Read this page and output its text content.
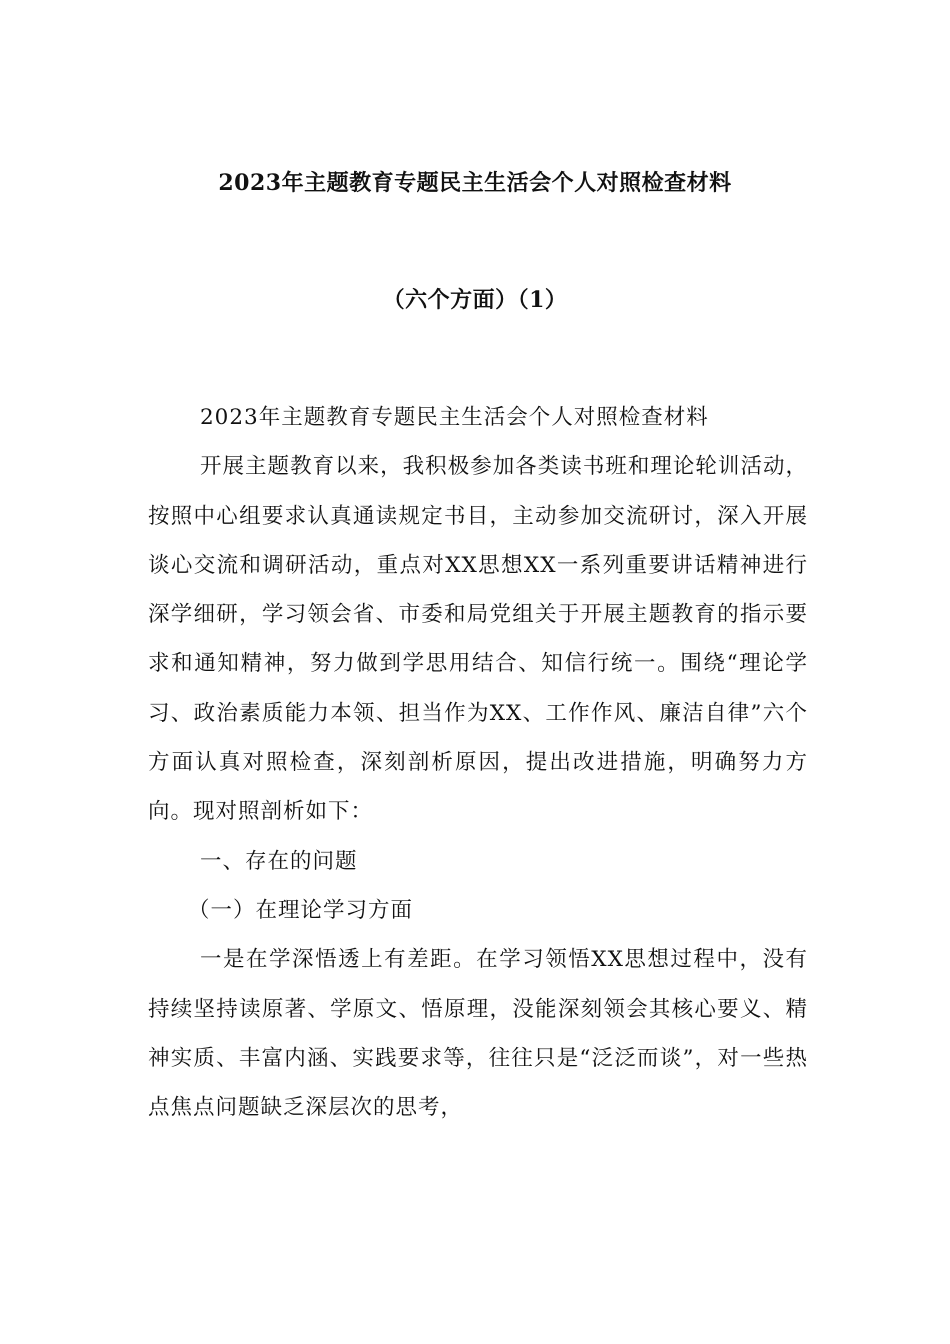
2023年主题教育专题民主生活会个人对照检查材料
（六个方面）（1）

2023年主题教育专题民主生活会个人对照检查材料

开展主题教育以来，我积极参加各类读书班和理论轮训活动，按照中心组要求认真通读规定书目，主动参加交流研讨，深入开展谈心交流和调研活动，重点对XX思想XX一系列重要讲话精神进行深学细研，学习领会省、市委和局党组关于开展主题教育的指示要求和通知精神，努力做到学思用结合、知信行统一。围绕“理论学习、政治素质能力本领、担当作为XX、工作作风、廉洁自律”六个方面认真对照检查，深刻剖析原因，提出改进措施，明确努力方向。现对照剖析如下：

一、存在的问题

（一）在理论学习方面

一是在学深悟透上有差距。在学习领悟XX思想过程中，没有持续坚持读原著、学原文、悟原理，没能深刻领会其核心要义、精神实质、丰富内涵、实践要求等，往往只是“泛泛而谈”，对一些热点焦点问题缺乏深层次的思考，
